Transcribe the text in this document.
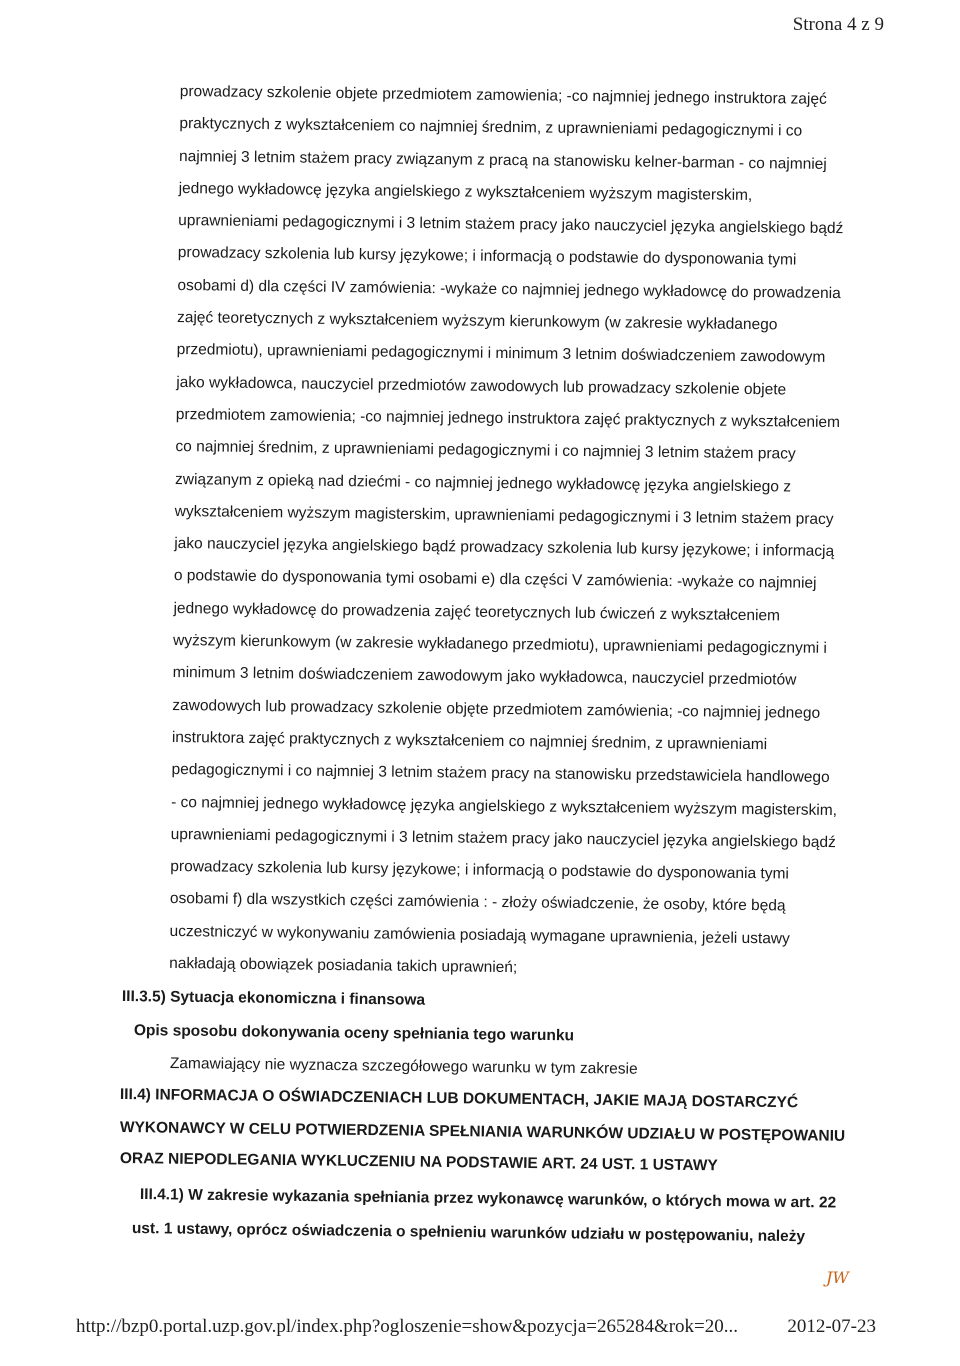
Strona 4 z 9
prowadzacy szkolenie objete przedmiotem zamowienia; -co najmniej jednego instruktora zajęć
praktycznych z wykształceniem co najmniej średnim, z uprawnieniami pedagogicznymi i co
najmniej 3 letnim stażem pracy związanym z pracą na stanowisku kelner-barman - co najmniej
jednego wykładowcę języka angielskiego z wykształceniem wyższym magisterskim,
uprawnieniami pedagogicznymi i 3 letnim stażem pracy jako nauczyciel języka angielskiego bądź
prowadzacy szkolenia lub kursy językowe; i informacją o podstawie do dysponowania tymi
osobami d) dla części IV zamówienia: -wykaże co najmniej jednego wykładowcę do prowadzenia
zajęć teoretycznych z wykształceniem wyższym kierunkowym (w zakresie wykładanego
przedmiotu), uprawnieniami pedagogicznymi i minimum 3 letnim doświadczeniem zawodowym
jako wykładowca, nauczyciel przedmiotów zawodowych lub prowadzacy szkolenie objete
przedmiotem zamowienia; -co najmniej jednego instruktora zajęć praktycznych z wykształceniem
co najmniej średnim, z uprawnieniami pedagogicznymi i co najmniej 3 letnim stażem pracy
związanym z opieką nad dziećmi - co najmniej jednego wykładowcę języka angielskiego z
wykształceniem wyższym magisterskim, uprawnieniami pedagogicznymi i 3 letnim stażem pracy
jako nauczyciel języka angielskiego bądź prowadzacy szkolenia lub kursy językowe; i informacją
o podstawie do dysponowania tymi osobami e) dla części V zamówienia: -wykaże co najmniej
jednego wykładowcę do prowadzenia zajęć teoretycznych lub ćwiczeń z wykształceniem
wyższym kierunkowym (w zakresie wykładanego przedmiotu), uprawnieniami pedagogicznymi i
minimum 3 letnim doświadczeniem zawodowym jako wykładowca, nauczyciel przedmiotów
zawodowych lub prowadzacy szkolenie objęte przedmiotem zamówienia; -co najmniej jednego
instruktora zajęć praktycznych z wykształceniem co najmniej średnim, z uprawnieniami
pedagogicznymi i co najmniej 3 letnim stażem pracy na stanowisku przedstawiciela handlowego
- co najmniej jednego wykładowcę języka angielskiego z wykształceniem wyższym magisterskim,
uprawnieniami pedagogicznymi i 3 letnim stażem pracy jako nauczyciel języka angielskiego bądź
prowadzacy szkolenia lub kursy językowe; i informacją o podstawie do dysponowania tymi
osobami f) dla wszystkich części zamówienia : - złoży oświadczenie, że osoby, które będą
uczestniczyć w wykonywaniu zamówienia posiadają wymagane uprawnienia, jeżeli ustawy
nakładają obowiązek posiadania takich uprawnień;
III.3.5) Sytuacja ekonomiczna i finansowa
Opis sposobu dokonywania oceny spełniania tego warunku
Zamawiający nie wyznacza szczegółowego warunku w tym zakresie
III.4) INFORMACJA O OŚWIADCZENIACH LUB DOKUMENTACH, JAKIE MAJĄ DOSTARCZYĆ
WYKONAWCY W CELU POTWIERDZENIA SPEŁNIANIA WARUNKÓW UDZIAŁU W POSTĘPOWANIU
ORAZ NIEPODLEGANIA WYKLUCZENIU NA PODSTAWIE ART. 24 UST. 1 USTAWY
III.4.1) W zakresie wykazania spełniania przez wykonawcę warunków, o których mowa w art. 22
ust. 1 ustawy, oprócz oświadczenia o spełnieniu warunków udziału w postępowaniu, należy
JW
http://bzp0.portal.uzp.gov.pl/index.php?ogloszenie=show&pozycja=265284&rok=20...	2012-07-23
